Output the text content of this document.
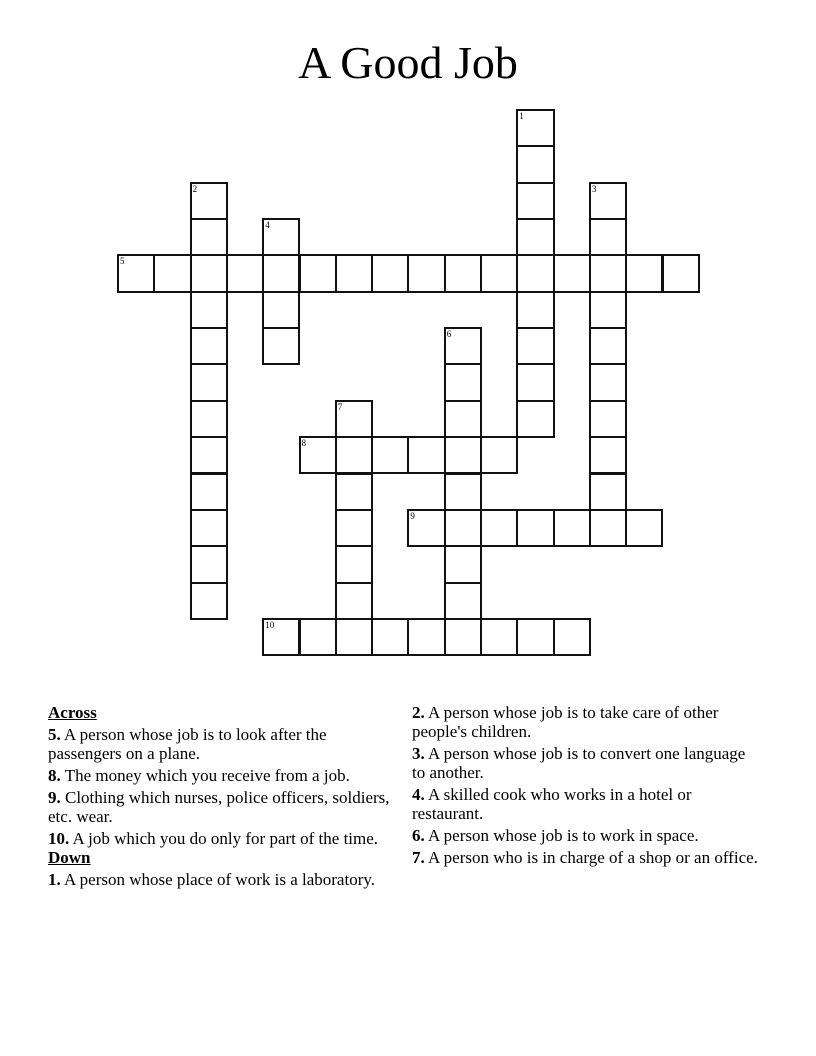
A Good Job
1
2	3
4
5
6
7
8
9
10
Across
5. A person whose job is to look after the passengers on a plane.
8. The money which you receive from a job.
9. Clothing which nurses, police officers, soldiers, etc. wear.
10. A job which you do only for part of the time.
Down
1. A person whose place of work is a laboratory.
2. A person whose job is to take care of other people's children.
3. A person whose job is to convert one language to another.
4. A skilled cook who works in a hotel or restaurant.
6. A person whose job is to work in space.
7. A person who is in charge of a shop or an office.
